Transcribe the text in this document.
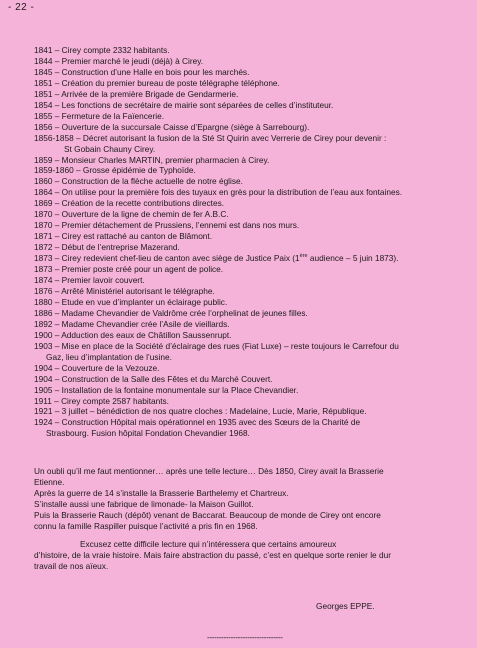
- 22 -
1841 – Cirey compte 2332 habitants.
1844 – Premier marché le jeudi (déjà) à Cirey.
1845 – Construction d’une Halle en bois pour les marchés.
1851 – Création du premier bureau de poste télégraphe téléphone.
1851 – Arrivée de la première Brigade de Gendarmerie.
1854 – Les fonctions de secrétaire de mairie sont séparées de celles d’instituteur.
1855 – Fermeture de la Faïencerie.
1856 – Ouverture de la succursale Caisse d’Epargne (siège à Sarrebourg).
1856-1858 – Décret autorisant la fusion de la Sté St Quirin avec Verrerie de Cirey pour devenir :
St Gobain Chauny Cirey.
1859 – Monsieur Charles MARTIN, premier pharmacien à Cirey.
1859-1860 – Grosse épidémie de Typhoïde.
1860 – Construction de la flèche actuelle de notre église.
1864 – On utilise pour la première fois des tuyaux en grès pour la distribution de l’eau aux fontaines.
1869 – Création de la recette contributions directes.
1870 – Ouverture de la ligne de chemin de fer A.B.C.
1870 – Premier détachement de Prussiens, l’ennemi est dans nos murs.
1871 – Cirey est rattaché au canton de Blâmont.
1872 – Début de l’entreprise Mazerand.
1873 – Cirey redevient chef-lieu de canton avec siège de Justice Paix (1ère audience – 5 juin 1873).
1873 – Premier poste créé pour un agent de police.
1874 – Premier lavoir couvert.
1876 – Arrêté Ministériel autorisant le télégraphe.
1880 – Etude en vue d’implanter un éclairage public.
1886 – Madame Chevandier de Valdrôme crée l’orphelinat de jeunes filles.
1892 – Madame Chevandier crée l’Asile de vieillards.
1900 – Adduction des eaux de Châtillon Saussenrupt.
1903 – Mise en place de la Société d’éclairage des rues (Fiat Luxe) – reste toujours le Carrefour du
Gaz, lieu d’implantation de l’usine.
1904 – Couverture de la Vezouze.
1904 – Construction de la Salle des Fêtes et du Marché Couvert.
1905 – Installation de la fontaine monumentale sur la Place Chevandier.
1911 – Cirey compte 2587 habitants.
1921 – 3 juillet – bénédiction de nos quatre cloches : Madelaine, Lucie, Marie, République.
1924 – Construction Hôpital mais opérationnel en 1935 avec des Sœurs de la Charité de
Strasbourg. Fusion hôpital Fondation Chevandier 1968.
Un oubli qu’il me faut mentionner… après une telle lecture… Dès 1850, Cirey avait la Brasserie
Etienne.
Après la guerre de 14 s’installe la Brasserie Barthelemy et Chartreux.
S’installe aussi une fabrique de limonade- la Maison Guillot.
Puis la Brasserie Rauch (dépôt) venant de Baccarat. Beaucoup de monde de Cirey ont encore
connu la famille Raspiller puisque l’activité a pris fin en 1968.
Excusez cette difficile lecture qui n’intéressera que certains amoureux
d’histoire, de la vraie histoire. Mais faire abstraction du passé, c’est en quelque sorte renier le dur
travail de nos aïeux.
Georges EPPE.
--------------------------------
